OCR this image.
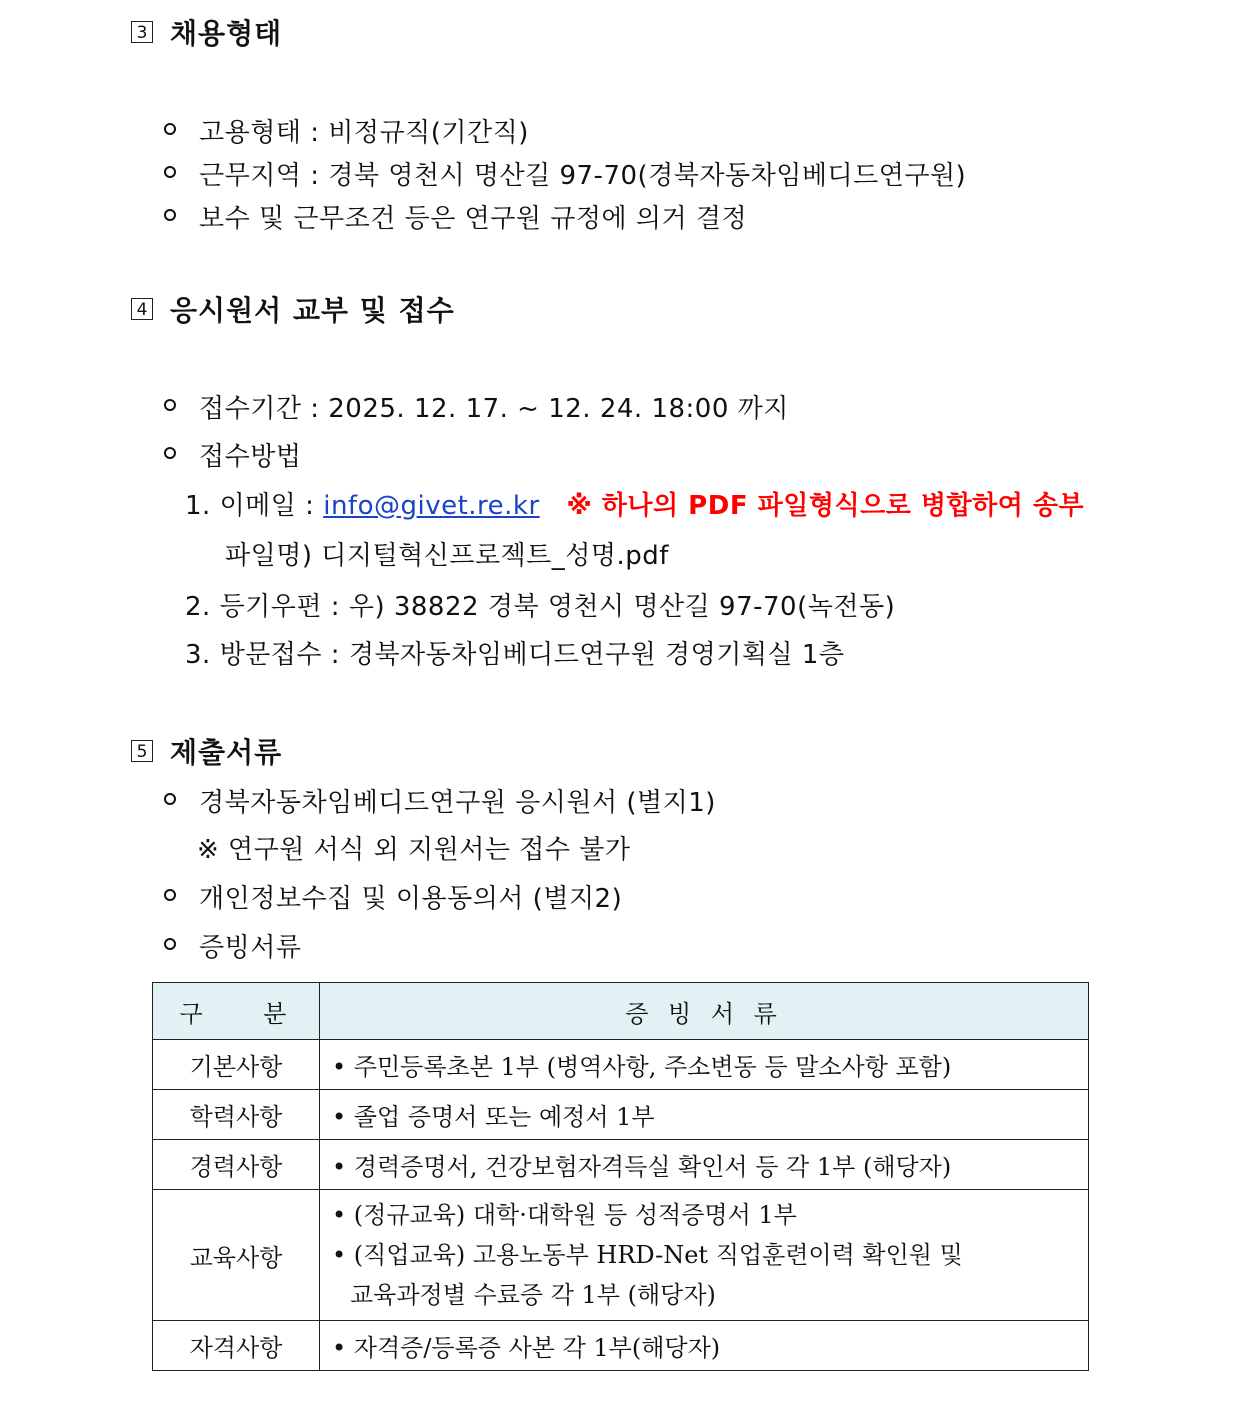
3 채용형태
고용형태 : 비정규직(기간직)
근무지역 : 경북 영천시 명산길 97-70(경북자동차임베디드연구원)
보수 및 근무조건 등은 연구원 규정에 의거 결정
4 응시원서 교부 및 접수
접수기간 : 2025. 12. 17. ~ 12. 24. 18:00 까지
접수방법
1. 이메일 : info@givet.re.kr ※ 하나의 PDF 파일형식으로 병합하여 송부
파일명) 디지털혁신프로젝트_성명.pdf
2. 등기우편 : 우) 38822 경북 영천시 명산길 97-70(녹전동)
3. 방문접수 : 경북자동차임베디드연구원 경영기획실 1층
5 제출서류
경북자동차임베디드연구원 응시원서 (별지1)
※ 연구원 서식 외 지원서는 접수 불가
개인정보수집 및 이용동의서 (별지2)
증빙서류
구    분	증 빙 서 류
기본사항	• 주민등록초본 1부 (병역사항, 주소변동 등 말소사항 포함)
학력사항	• 졸업 증명서 또는 예정서 1부
경력사항	• 경력증명서, 건강보험자격득실 확인서 등 각 1부 (해당자)
교육사항	• (정규교육) 대학·대학원 등 성적증명서 1부
• (직업교육) 고용노동부 HRD-Net 직업훈련이력 확인원 및
교육과정별 수료증 각 1부 (해당자)

자격사항	• 자격증/등록증 사본 각 1부(해당자)
